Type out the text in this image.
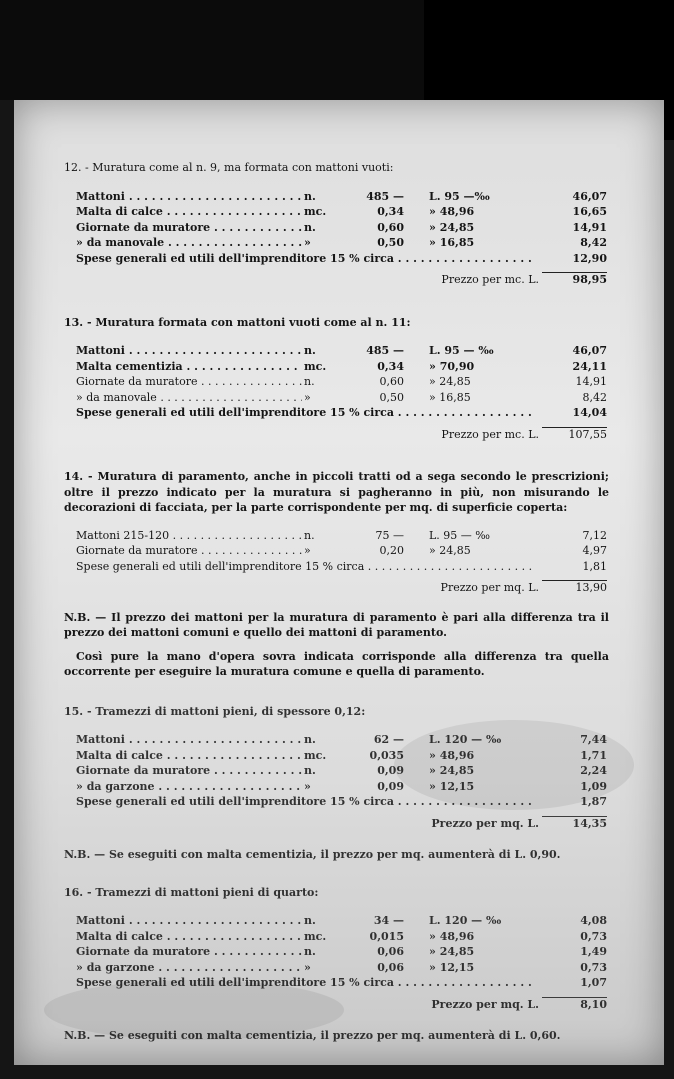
12. - Muratura come al n. 9, ma formata con mattoni vuoti:
Mattoni . . .	n.	485 — L. 95 —‰	46,07
Malta di calce . . .	mc.	0,34 » 48,96	16,65
Giornate da muratore . . .	n.	0,60 » 24,85	14,91
» da manovale . . .	»	0,50 » 16,85	8,42
Spese generali ed utili dell'imprenditore 15 % circa . . .	12,90
Prezzo per mc. L.	98,95
13. - Muratura formata con mattoni vuoti come al n. 11:
Mattoni . . .	n.	485 — L. 95 — ‰	46,07
Malta cementizia . . .	mc.	0,34 » 70,90	24,11
Giornate da muratore . . .	n.	0,60 » 24,85	14,91
» da manovale . . .	»	0,50 » 16,85	8,42
Spese generali ed utili dell'imprenditore 15 % circa . . .	14,04
Prezzo per mc. L.	107,55
14. - Muratura di paramento, anche in piccoli tratti od a sega secondo le prescrizioni; oltre il prezzo indicato per la muratura si pagheranno in più, non misurando le decorazioni di facciata, per la parte corrispondente per mq. di superficie coperta:
Mattoni 215-120 . . .	n.	75 — L. 95 — ‰	7,12
Giornate da muratore . . .	»	0,20 » 24,85	4,97
Spese generali ed utili dell'imprenditore 15 % circa . . .	1,81
Prezzo per mq. L.	13,90

N.B. — Il prezzo dei mattoni per la muratura di paramento è pari alla differenza tra il prezzo dei mattoni comuni e quello dei mattoni di paramento.

Così pure la mano d'opera sovra indicata corrisponde alla differenza tra quella occorrente per eseguire la muratura comune e quella di paramento.

15. - Tramezzi di mattoni pieni, di spessore 0,12:
Mattoni . . .	n.	62 — L. 120 — ‰	7,44
Malta di calce . . .	mc.	0,035 » 48,96	1,71
Giornate da muratore . . .	n.	0,09 » 24,85	2,24
» da garzone . . .	»	0,09 » 12,15	1,09
Spese generali ed utili dell'imprenditore 15 % circa . . .	1,87
Prezzo per mq. L.	14,35

N.B. — Se eseguiti con malta cementizia, il prezzo per mq. aumenterà di L. 0,90.

16. - Tramezzi di mattoni pieni di quarto:
Mattoni . . .	n.	34 — L. 120 — ‰	4,08
Malta di calce . . .	mc.	0,015 » 48,96	0,73
Giornate da muratore . . .	n.	0,06 » 24,85	1,49
» da garzone . . .	»	0,06 » 12,15	0,73
Spese generali ed utili dell'imprenditore 15 % circa . . .	1,07
Prezzo per mq. L.	8,10

N.B. — Se eseguiti con malta cementizia, il prezzo per mq. aumenterà di L. 0,60.
